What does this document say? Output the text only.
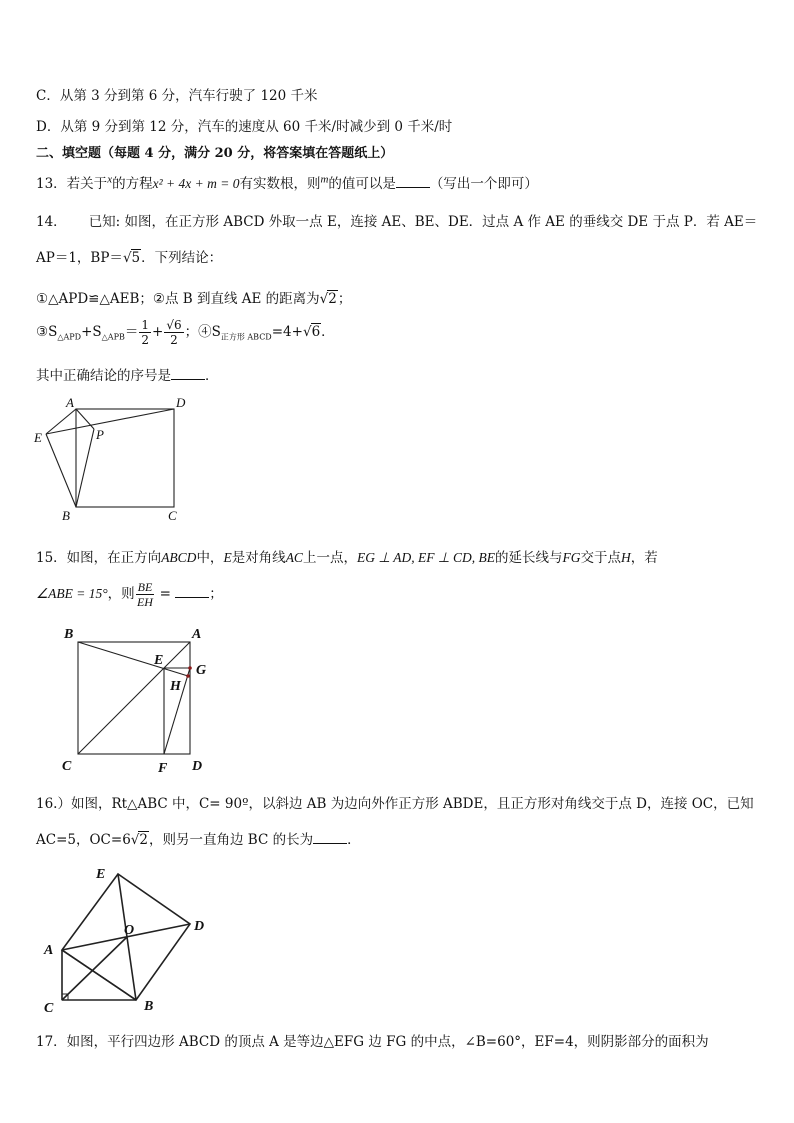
C．从第 3 分到第 6 分，汽车行驶了 120 千米
D．从第 9 分到第 12 分，汽车的速度从 60 千米/时减少到 0 千米/时
二、填空题（每题 4 分，满分 20 分，将答案填在答题纸上）
13．若关于$^x$的方程x² + 4x + m = 0有实数根，则$^m$的值可以是	（写出一个即可）
14． 已知: 如图，在正方形 ABCD 外取一点 E，连接 AE、BE、DE．过点 A 作 AE 的垂线交 DE 于点 P．若 AE＝
AP＝1，BP＝√5．下列结论：
①△APD≌△AEB；②点 B 到直线 AE 的距离为√2；
$③S_{\triangle APD}+S_{\triangle APB}= \frac{1}{2} + \frac{√6}{2}$ ；$④S_{正方形 ABCD}=4+√6$．
其中正确结论的序号是	．
A	D
E	P
B	C
15．如图，在正方向ABCD中，E是对角线AC上一点，EG ⊥ AD, EF ⊥ CD, BE的延长线与FG交于点H，若
∠ABE = 15°，则 $\frac{BE}{EH}$ =	；
B	A
E
G
H
C	F D
16.）如图，Rt△ABC 中，C= 90º，以斜边 AB 为边向外作正方形 ABDE，且正方形对角线交于点 D，连接 OC，已知
AC=5，OC=6√2，则另一直角边 BC 的长为	．
E
D
O
A
C	B
17．如图，平行四边形 ABCD 的顶点 A 是等边△EFG 边 FG 的中点，∠B=60°，EF=4，则阴影部分的面积为
